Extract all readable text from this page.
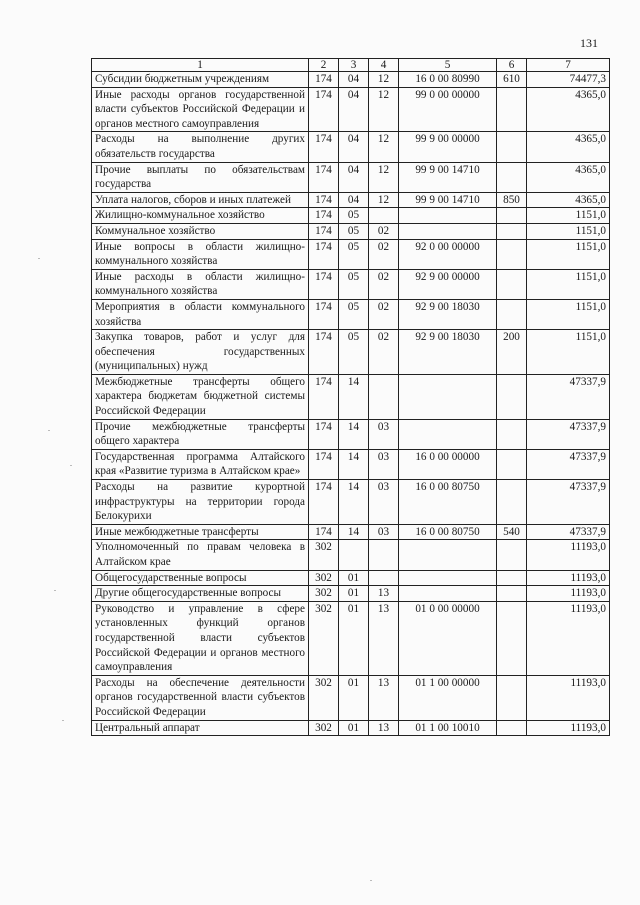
131
1	2	3	4	5	6	7
Субсидии бюджетным учреждениям	174	04	12	16 0 00 80990	610	74477,3
Иные расходы органов государственной власти субъектов Российской Федерации и органов местного самоуправления	174	04	12	99 0 00 00000		4365,0
Расходы на выполнение других обязательств государства	174	04	12	99 9 00 00000		4365,0
Прочие выплаты по обязательствам государства	174	04	12	99 9 00 14710		4365,0
Уплата налогов, сборов и иных платежей	174	04	12	99 9 00 14710	850	4365,0
Жилищно-коммунальное хозяйство	174	05				1151,0
Коммунальное хозяйство	174	05	02			1151,0
Иные вопросы в области жилищно-коммунального хозяйства	174	05	02	92 0 00 00000		1151,0
Иные расходы в области жилищно-коммунального хозяйства	174	05	02	92 9 00 00000		1151,0
Мероприятия в области коммунального хозяйства	174	05	02	92 9 00 18030		1151,0
Закупка товаров, работ и услуг для обеспечения государственных (муниципальных) нужд	174	05	02	92 9 00 18030	200	1151,0
Межбюджетные трансферты общего характера бюджетам бюджетной системы Российской Федерации	174	14				47337,9
Прочие межбюджетные трансферты общего характера	174	14	03			47337,9
Государственная программа Алтайского края «Развитие туризма в Алтайском крае»	174	14	03	16 0 00 00000		47337,9
Расходы на развитие курортной инфраструктуры на территории города Белокурихи	174	14	03	16 0 00 80750		47337,9
Иные межбюджетные трансферты	174	14	03	16 0 00 80750	540	47337,9
Уполномоченный по правам человека в Алтайском крае	302					11193,0
Общегосударственные вопросы	302	01				11193,0
Другие общегосударственные вопросы	302	01	13			11193,0
Руководство и управление в сфере установленных функций органов государственной власти субъектов Российской Федерации и органов местного самоуправления	302	01	13	01 0 00 00000		11193,0
Расходы на обеспечение деятельности органов государственной власти субъектов Российской Федерации	302	01	13	01 1 00 00000		11193,0
Центральный аппарат	302	01	13	01 1 00 10010		11193,0
